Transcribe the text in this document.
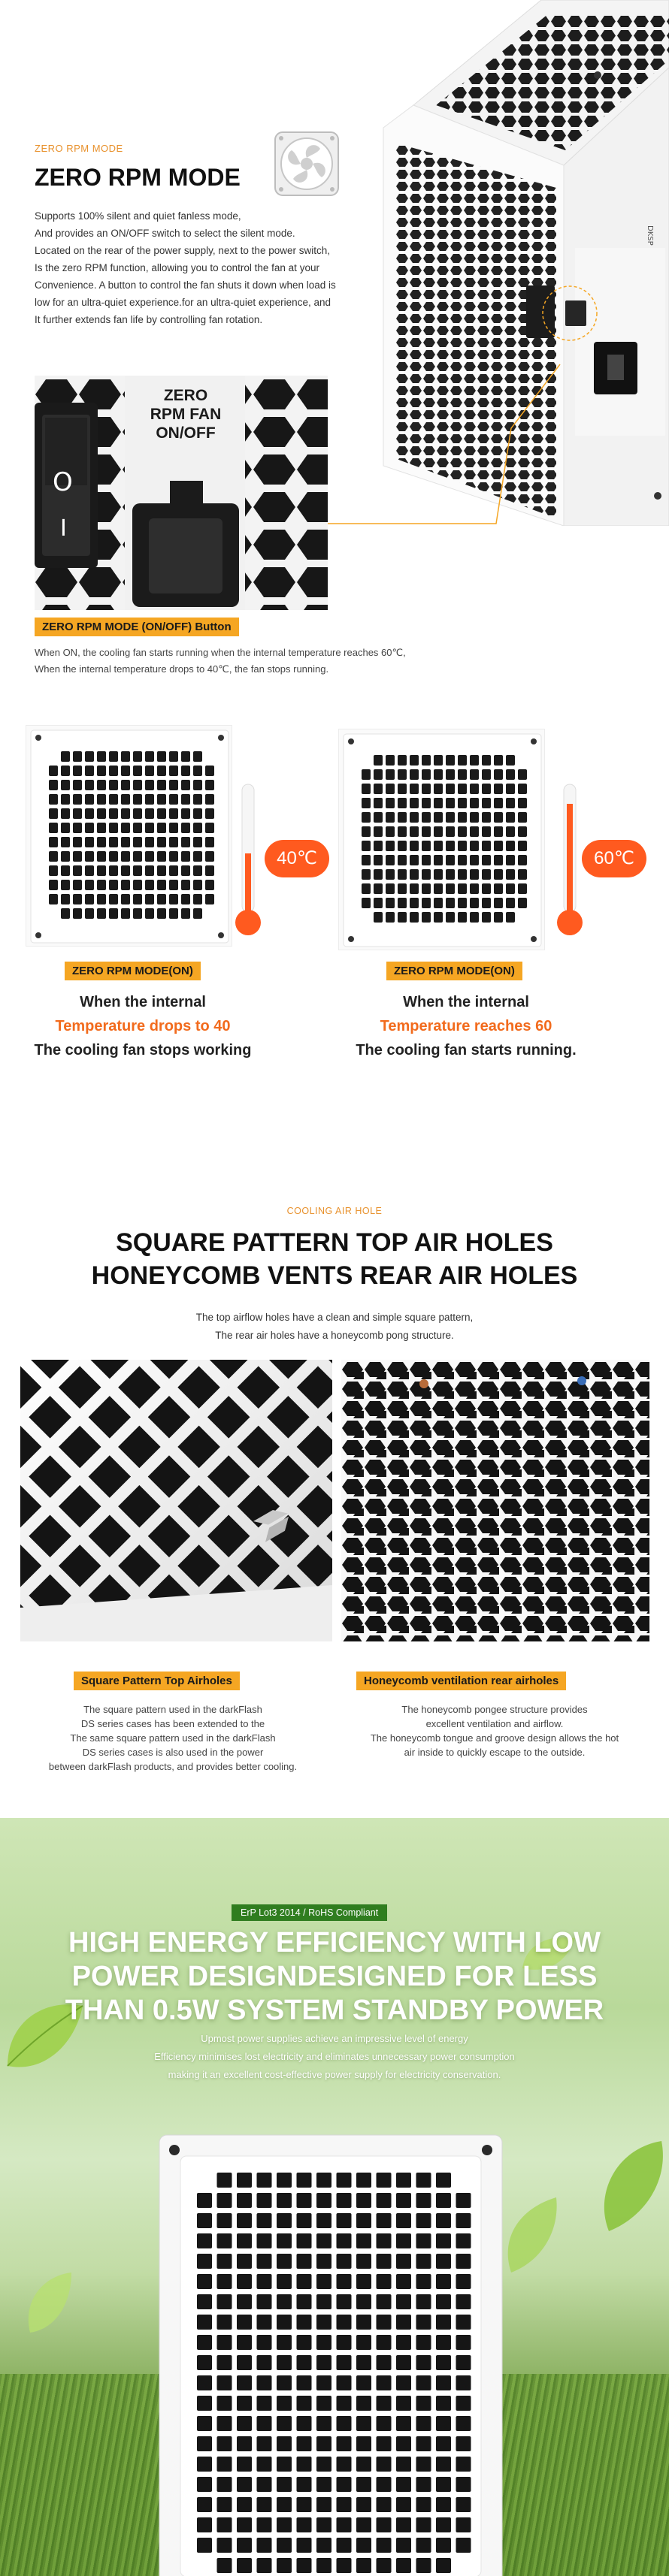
DKSP
ZERO RPM MODE
ZERO RPM MODE
Supports 100% silent and quiet fanless mode,
And provides an ON/OFF switch to select the silent mode.
Located on the rear of the power supply, next to the power switch,
Is the zero RPM function, allowing you to control the fan at your
Convenience. A button to control the fan shuts it down when load is
low for an ultra-quiet experience.for an ultra-quiet experience, and
It further extends fan life by controlling fan rotation.
O
I
ZERO
RPM FAN
ON/OFF
ZERO RPM MODE (ON/OFF) Button
When ON, the cooling fan starts running when the internal temperature reaches 60℃,
When the internal temperature drops to 40℃, the fan stops running.
40℃	60℃
ZERO RPM MODE(ON)	ZERO RPM MODE(ON)
When the internal
Temperature drops to 40
The cooling fan stops working
When the internal
Temperature reaches 60
The cooling fan starts running.
COOLING AIR HOLE
SQUARE PATTERN TOP AIR HOLES
HONEYCOMB VENTS REAR AIR HOLES
The top airflow holes have a clean and simple square pattern,
The rear air holes have a honeycomb pong structure.
Square Pattern Top Airholes	Honeycomb ventilation rear airholes
The square pattern used in the darkFlash
DS series cases has been extended to the
The same square pattern used in the darkFlash
DS series cases is also used in the power
between darkFlash products, and provides better cooling.
The honeycomb pongee structure provides
excellent ventilation and airflow.
The honeycomb tongue and groove design allows the hot
air inside to quickly escape to the outside.
ErP Lot3 2014 / RoHS Compliant
HIGH ENERGY EFFICIENCY WITH LOW
POWER DESIGNDESIGNED FOR LESS
THAN 0.5W SYSTEM STANDBY POWER
Upmost power supplies achieve an impressive level of energy
Efficiency minimises lost electricity and eliminates unnecessary power consumption
making it an excellent cost-effective power supply for electricity conservation.
